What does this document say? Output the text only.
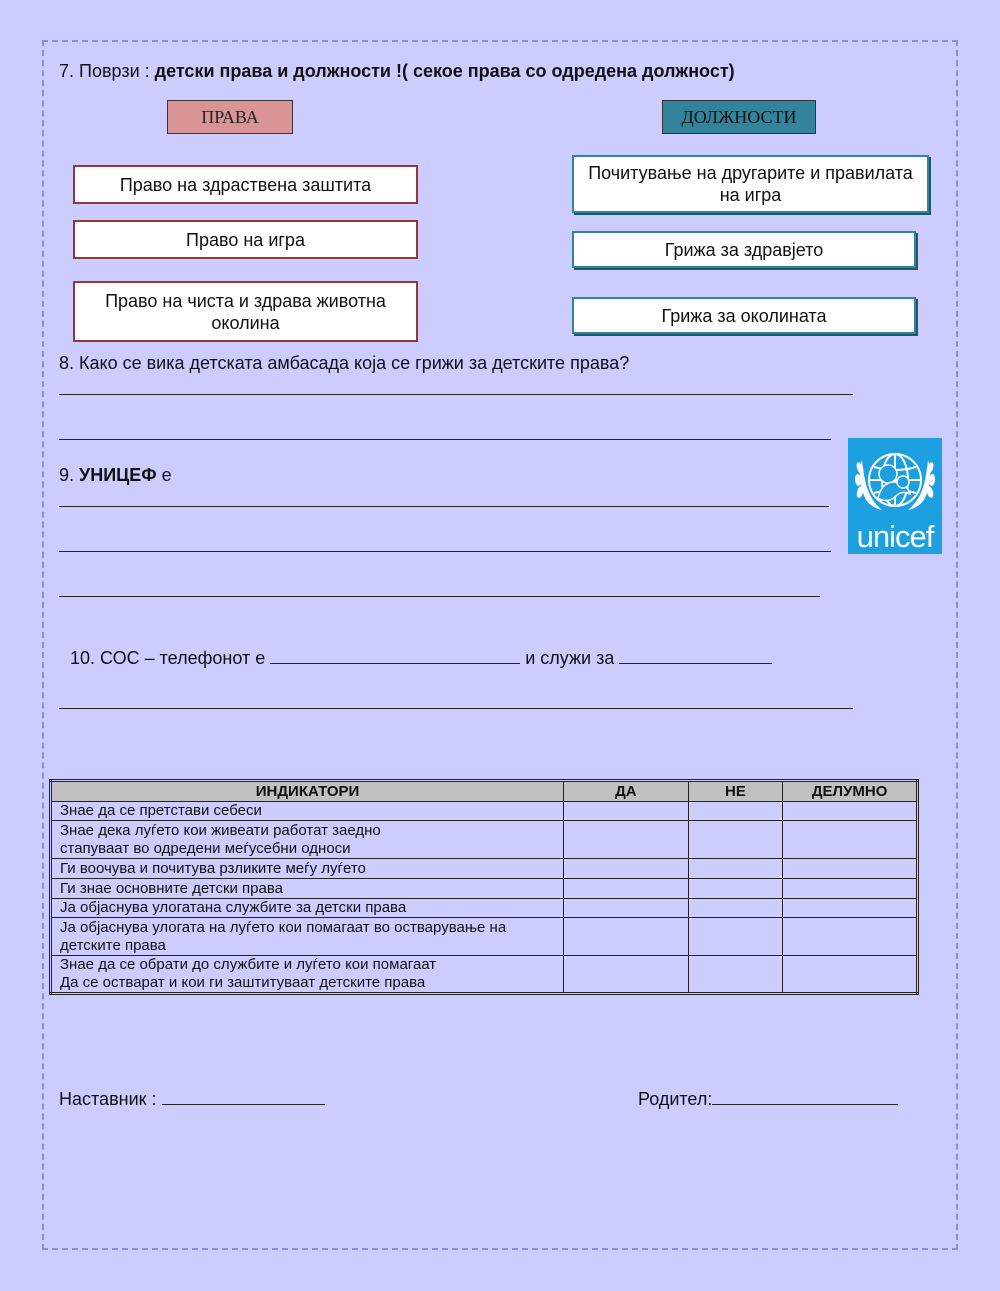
7. Поврзи : детски права и должности !( секое права со одредена должност)
ПРАВА	ДОЛЖНОСТИ
Право на здраствена заштита
Право на игра
Право на чиста и здрава животна околина
Почитување на другарите и правилата на игра
Грижа за здравјето
Грижа за околината
8. Како се вика детската амбасада која се грижи за детските права?
9. УНИЦЕФ е
unicef
10. СОС – телефонот е	и служи за
ИНДИКАТОРИ	ДА	НЕ	ДЕЛУМНО
Знае да се претстави себеси			
Знае дека луѓето кои живеати работат заедно
стапуваат во одредени меѓусебни односи			
Ги воочува и почитува рзликите меѓу луѓето			
Ги знае основните детски права			
Ја објаснува улогатана службите за детски права			
Ја објаснува улогата на луѓето кои помагаат во остварување на
детските права			
Знае да се обрати до службите и луѓето кои помагаат
Да се остварат и кои ги заштитуваат детските права			
Наставник :	Родител:
